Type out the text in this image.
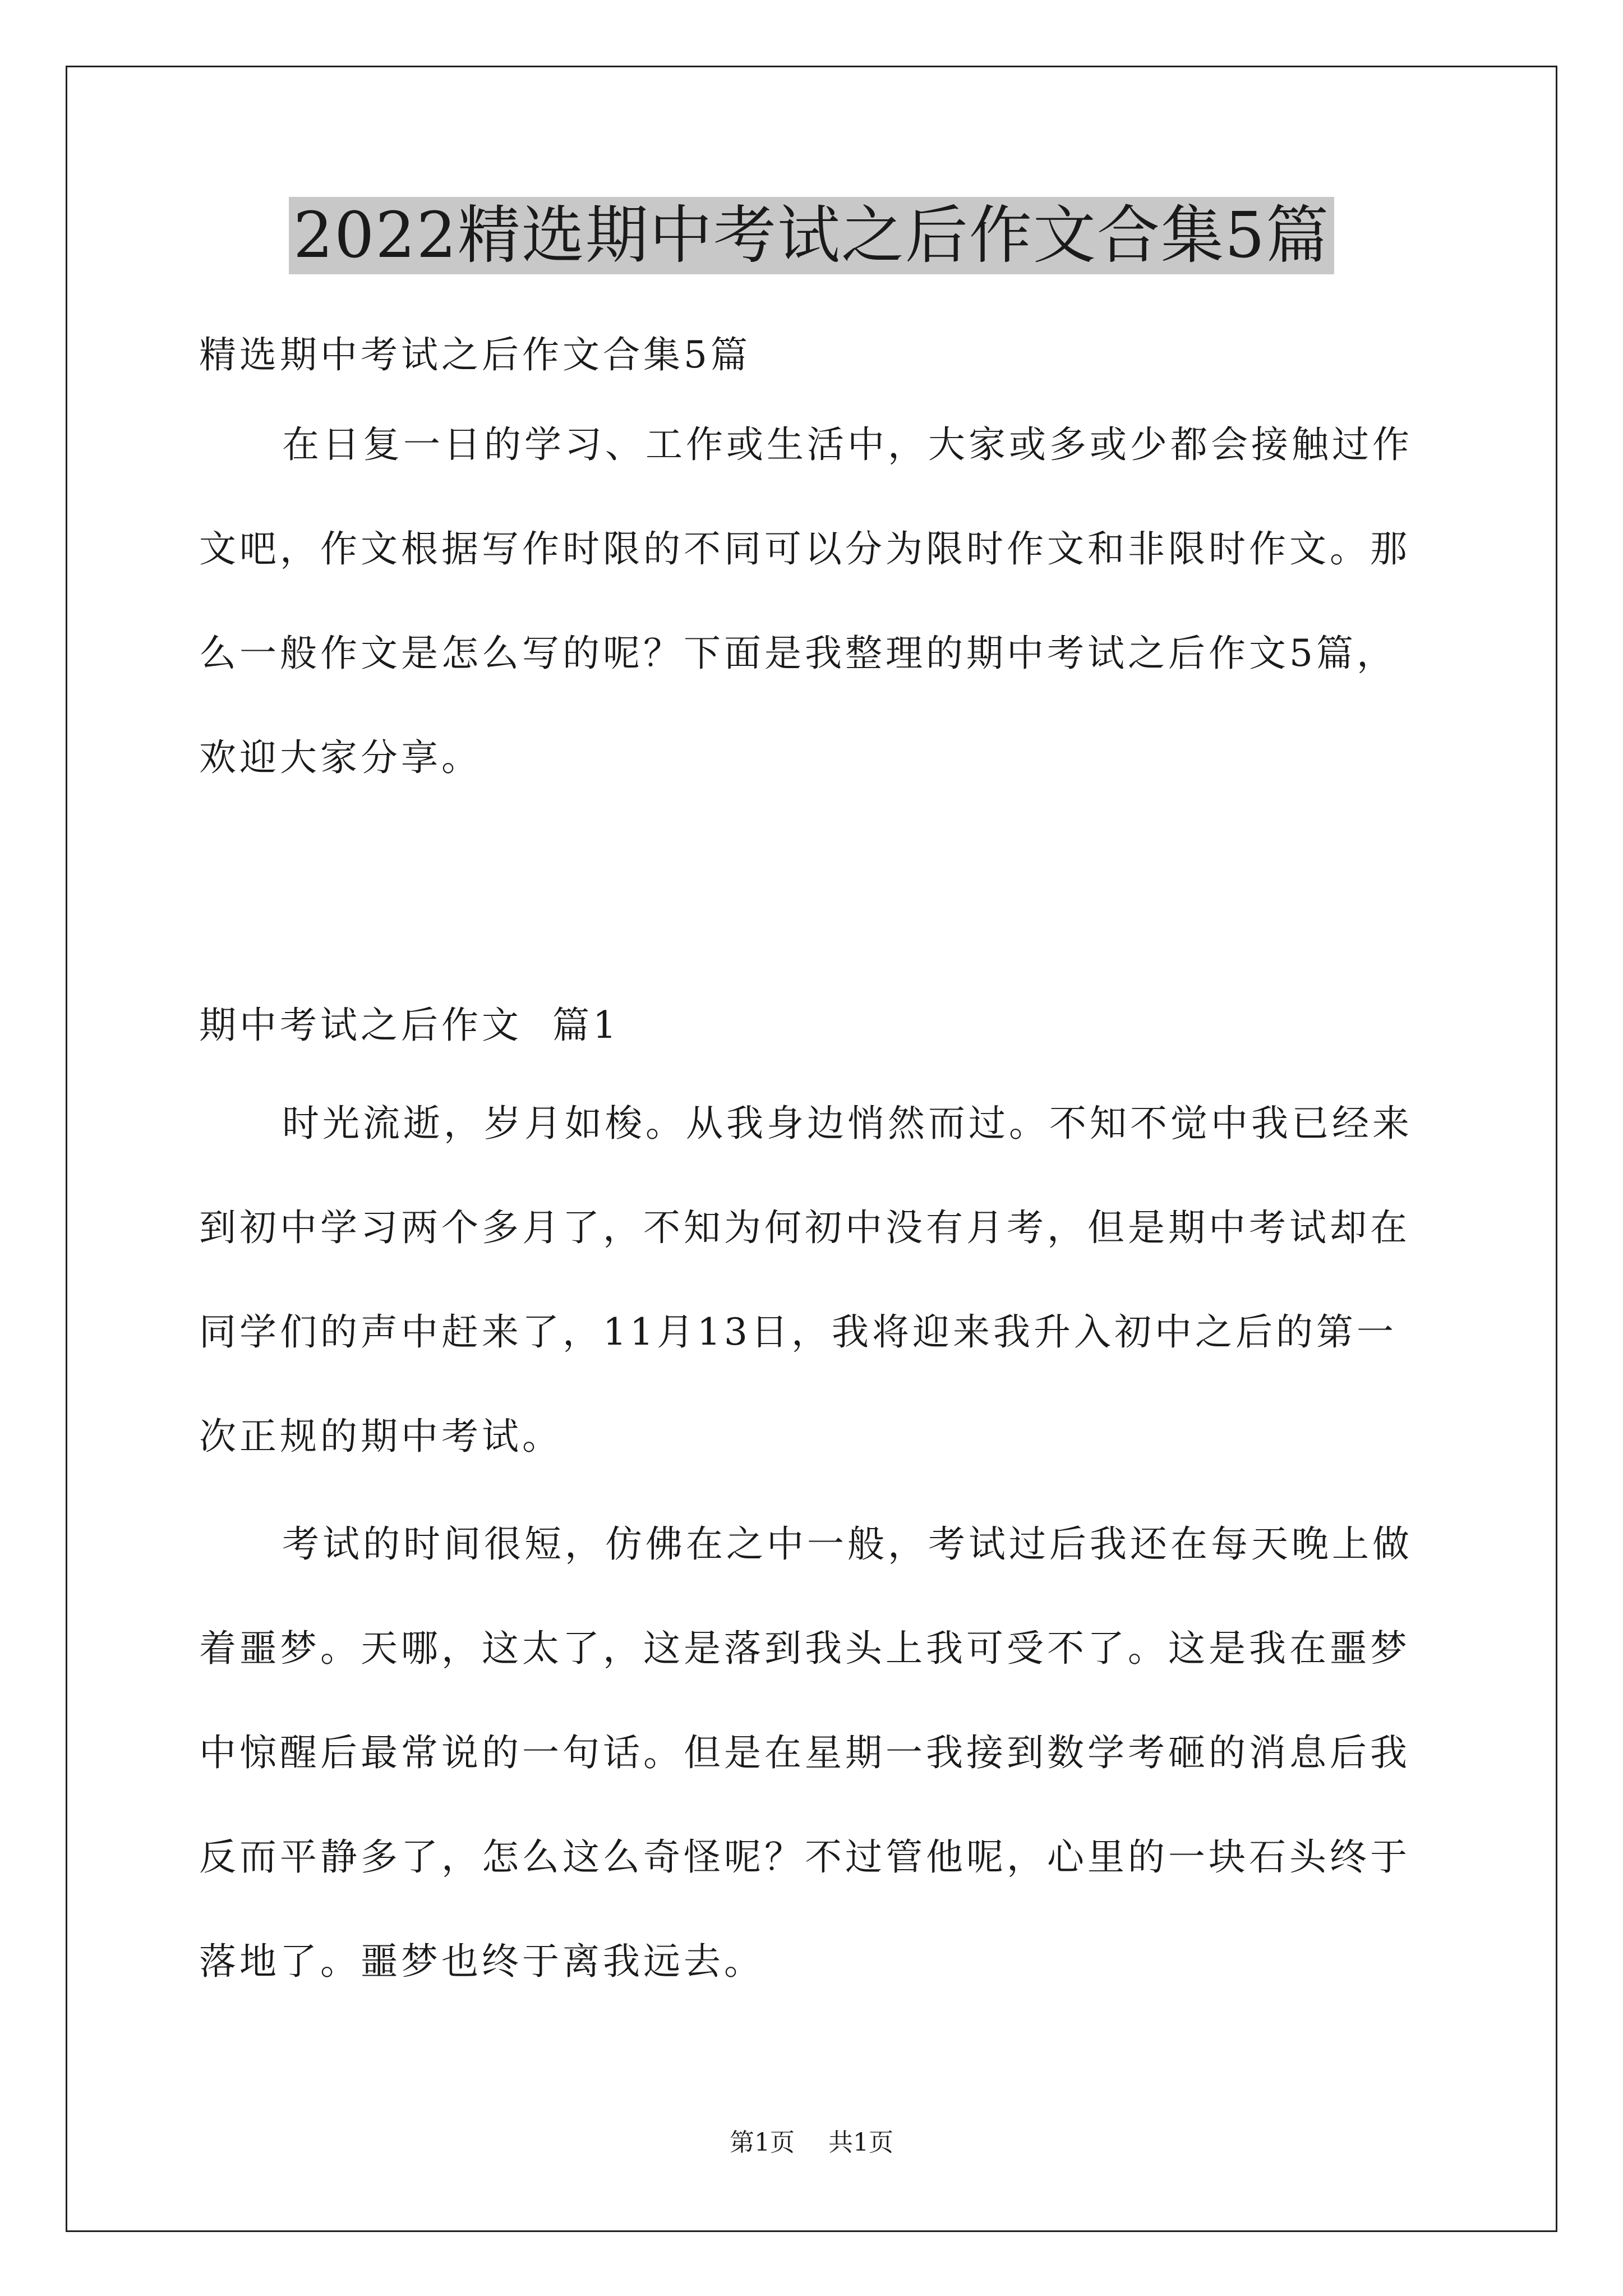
2022精选期中考试之后作文合集5篇

精选期中考试之后作文合集5篇

在日复一日的学习、工作或生活中，大家或多或少都会接触过作文吧，作文根据写作时限的不同可以分为限时作文和非限时作文。那么一般作文是怎么写的呢？下面是我整理的期中考试之后作文5篇，欢迎大家分享。

期中考试之后作文  篇1

时光流逝，岁月如梭。从我身边悄然而过。不知不觉中我已经来到初中学习两个多月了，不知为何初中没有月考，但是期中考试却在同学们的声中赶来了，11月13日，我将迎来我升入初中之后的第一次正规的期中考试。

考试的时间很短，仿佛在之中一般，考试过后我还在每天晚上做着噩梦。天哪，这太了，这是落到我头上我可受不了。这是我在噩梦中惊醒后最常说的一句话。但是在星期一我接到数学考砸的消息后我反而平静多了，怎么这么奇怪呢？不过管他呢，心里的一块石头终于落地了。噩梦也终于离我远去。

第1页 共1页
